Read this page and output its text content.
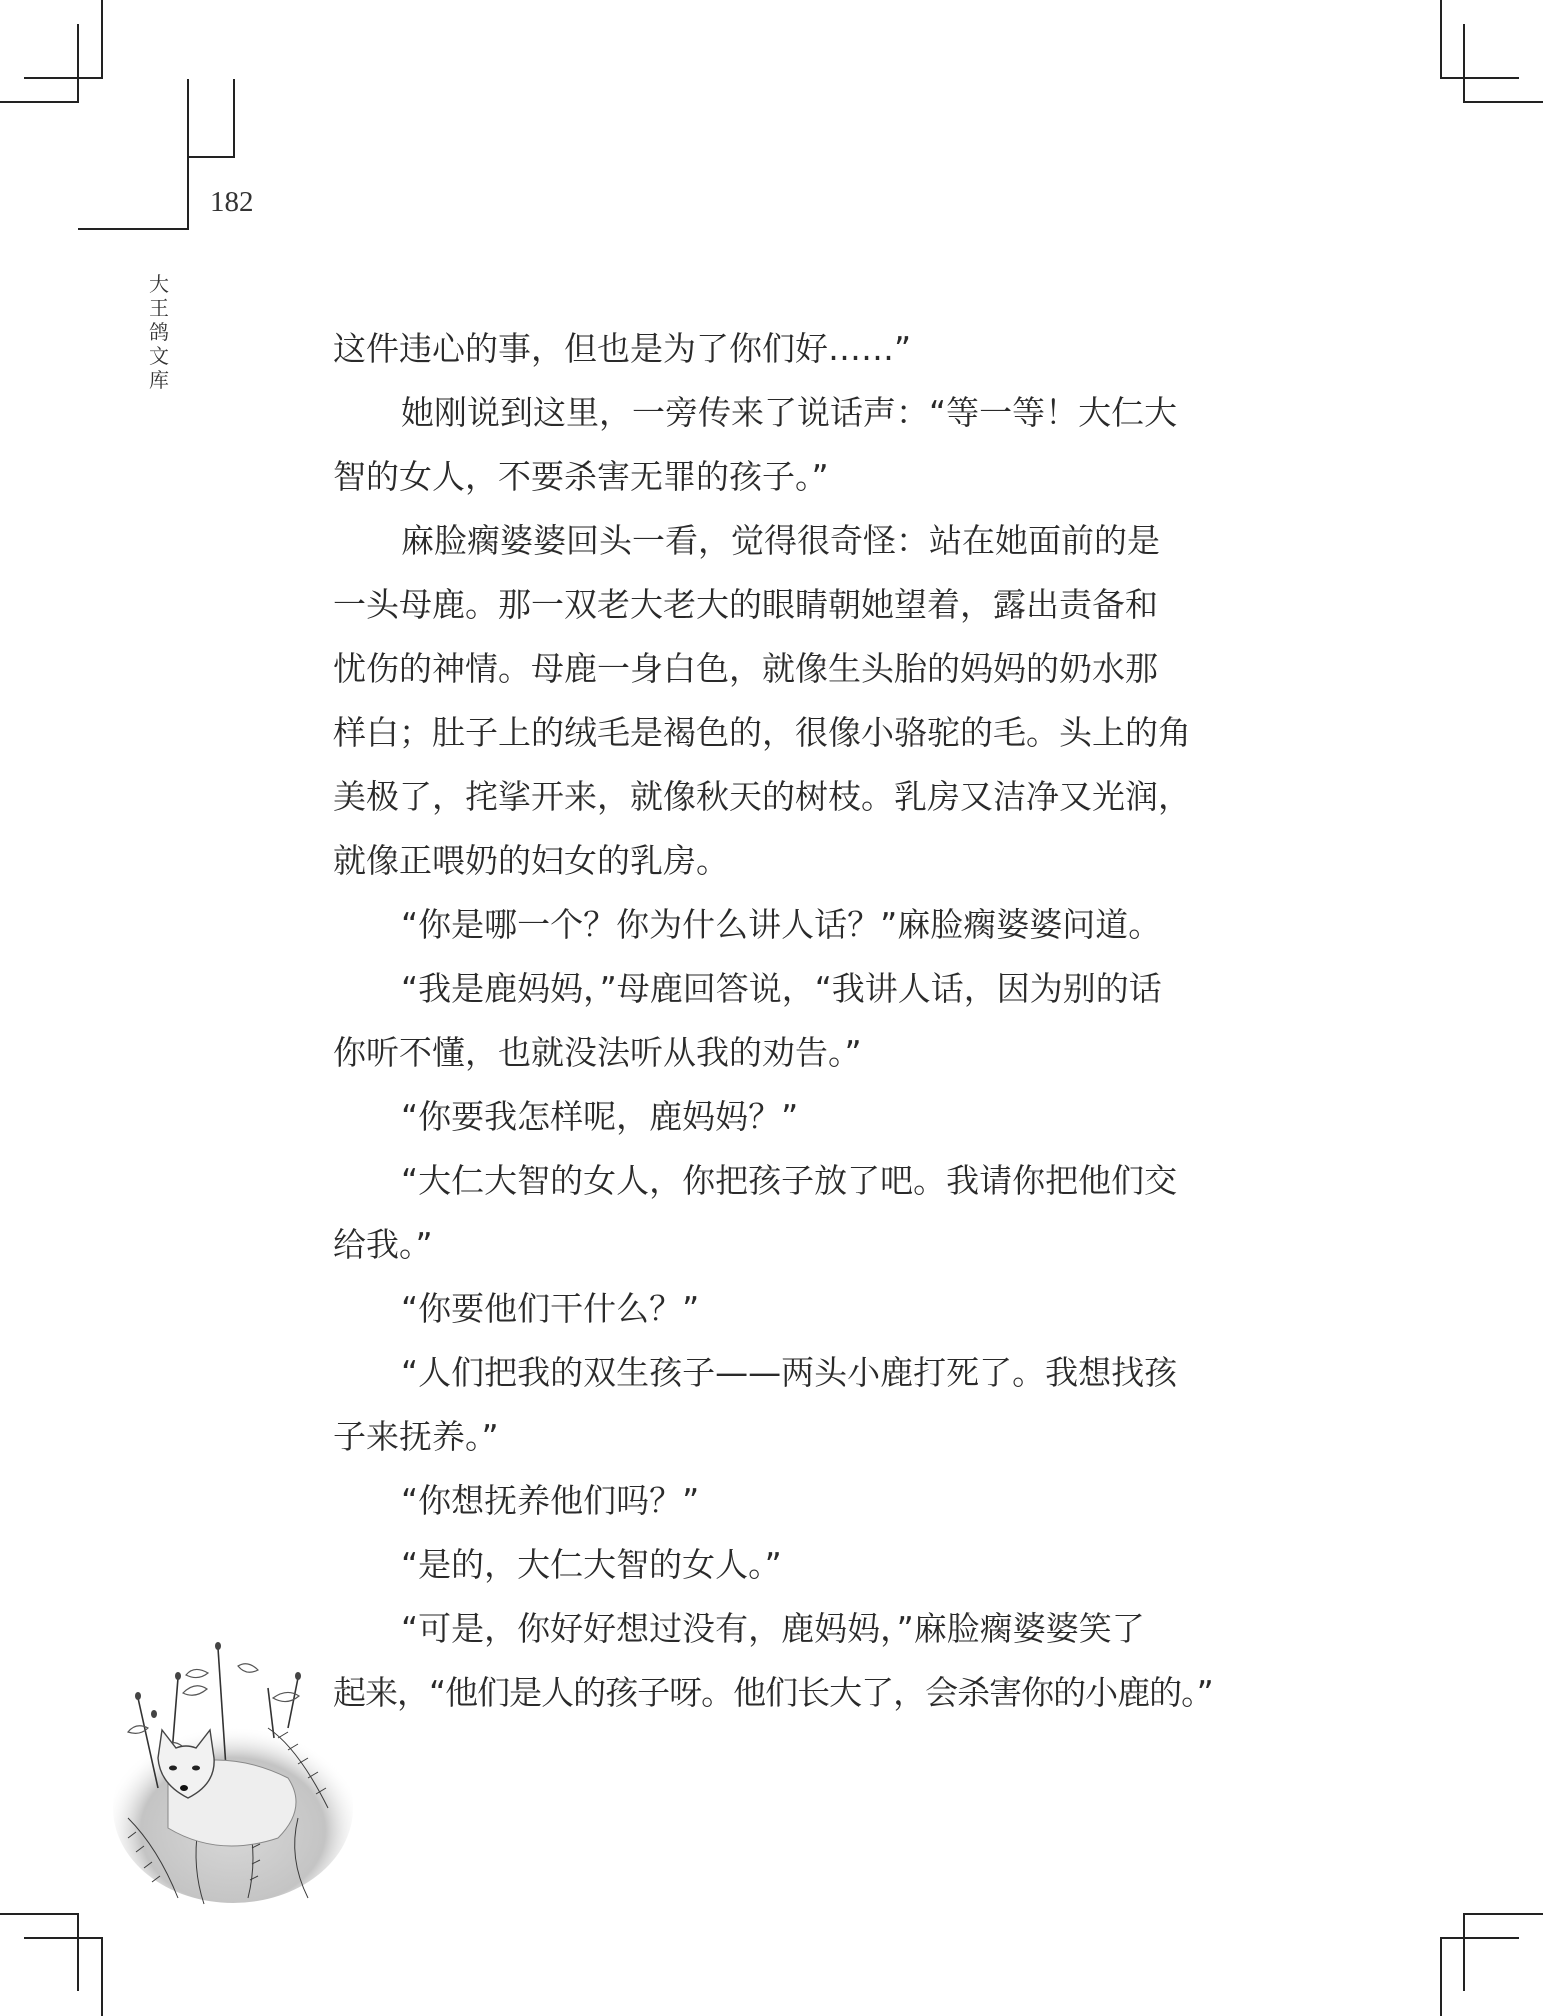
182
大
王
鸽
文
库
这件违心的事，但也是为了你们好……”
她刚说到这里，一旁传来了说话声：“等一等！大仁大
智的女人，不要杀害无罪的孩子。”
麻脸瘸婆婆回头一看，觉得很奇怪：站在她面前的是
一头母鹿。那一双老大老大的眼睛朝她望着，露出责备和
忧伤的神情。母鹿一身白色，就像生头胎的妈妈的奶水那
样白；肚子上的绒毛是褐色的，很像小骆驼的毛。头上的角
美极了，挓挲开来，就像秋天的树枝。乳房又洁净又光润，
就像正喂奶的妇女的乳房。
“你是哪一个？你为什么讲人话？”麻脸瘸婆婆问道。
“我是鹿妈妈，”母鹿回答说，“我讲人话，因为别的话
你听不懂，也就没法听从我的劝告。”
“你要我怎样呢，鹿妈妈？”
“大仁大智的女人，你把孩子放了吧。我请你把他们交
给我。”
“你要他们干什么？”
“人们把我的双生孩子——两头小鹿打死了。我想找孩
子来抚养。”
“你想抚养他们吗？”
“是的，大仁大智的女人。”
“可是，你好好想过没有，鹿妈妈，”麻脸瘸婆婆笑了
起来，“他们是人的孩子呀。他们长大了，会杀害你的小鹿的。”
